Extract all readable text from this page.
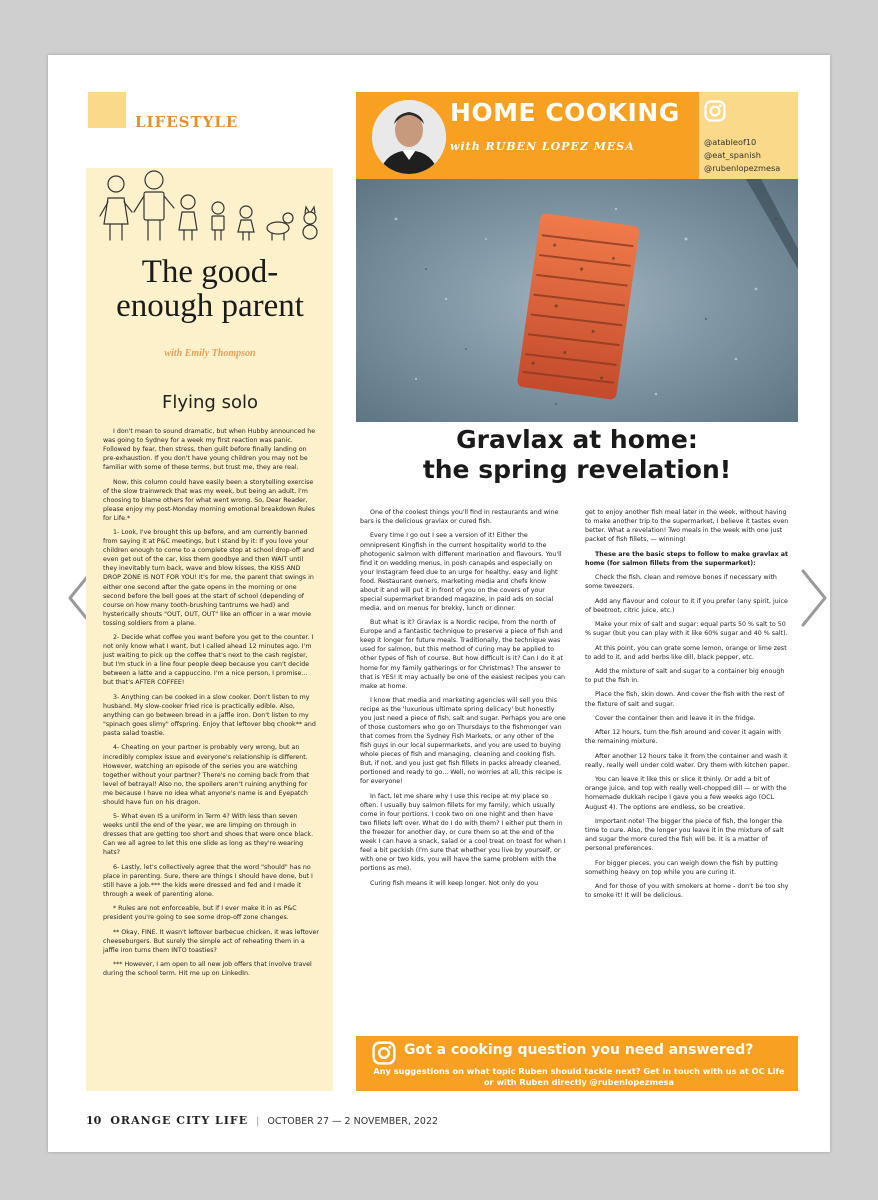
LIFESTYLE
The good-
enough parent
with Emily Thompson
Flying solo

I don't mean to sound dramatic, but when Hubby announced he was going to Sydney for a week my first reaction was panic. Followed by fear, then stress, then guilt before finally landing on pre-exhaustion. If you don't have young children you may not be familiar with some of these terms, but trust me, they are real.

Now, this column could have easily been a storytelling exercise of the slow trainwreck that was my week, but being an adult, I'm choosing to blame others for what went wrong. So, Dear Reader, please enjoy my post-Monday morning emotional breakdown Rules for Life.*

1- Look, I've brought this up before, and am currently banned from saying it at P&C meetings, but I stand by it: If you love your children enough to come to a complete stop at school drop-off and even get out of the car, kiss them goodbye and then WAIT until they inevitably turn back, wave and blow kisses, the KISS AND DROP ZONE IS NOT FOR YOU! It's for me, the parent that swings in either one second after the gate opens in the morning or one second before the bell goes at the start of school (depending of course on how many tooth-brushing tantrums we had) and hysterically shouts "OUT, OUT, OUT" like an officer in a war movie tossing soldiers from a plane.

2- Decide what coffee you want before you get to the counter. I not only know what I want, but I called ahead 12 minutes ago. I'm just waiting to pick up the coffee that's next to the cash register, but I'm stuck in a line four people deep because you can't decide between a latte and a cappuccino. I'm a nice person, I promise... but that's AFTER COFFEE!

3- Anything can be cooked in a slow cooker. Don't listen to my husband. My slow-cooker fried rice is practically edible. Also, anything can go between bread in a jaffle iron. Don't listen to my "spinach goes slimy" offspring. Enjoy that leftover bbq chook** and pasta salad toastie.

4- Cheating on your partner is probably very wrong, but an incredibly complex issue and everyone's relationship is different. However, watching an episode of the series you are watching together without your partner? There's no coming back from that level of betrayal! Also no, the spoilers aren't ruining anything for me because I have no idea what anyone's name is and Eyepatch should have fun on his dragon.

5- What even IS a uniform in Term 4? With less than seven weeks until the end of the year, we are limping on through in dresses that are getting too short and shoes that were once black. Can we all agree to let this one slide as long as they're wearing hats?

6- Lastly, let's collectively agree that the word "should" has no place in parenting. Sure, there are things I should have done, but I still have a job.*** the kids were dressed and fed and I made it through a week of parenting alone.

* Rules are not enforceable, but if I ever make it in as P&C president you're going to see some drop-off zone changes.

** Okay, FINE. It wasn't leftover barbecue chicken, it was leftover cheeseburgers. But surely the simple act of reheating them in a jaffle iron turns them INTO toasties?

*** However, I am open to all new job offers that involve travel during the school term. Hit me up on LinkedIn.

HOME COOKING
with RUBEN LOPEZ MESA	@atableof10
@eat_spanish
@rubenlopezmesa
Gravlax at home:
the spring revelation!

One of the coolest things you'll find in restaurants and wine bars is the delicious gravlax or cured fish.

Every time I go out I see a version of it! Either the omnipresent Kingfish in the current hospitality world to the photogenic salmon with different marination and flavours. You'll find it on wedding menus, in posh canapés and especially on your Instagram feed due to an urge for healthy, easy and light food. Restaurant owners, marketing media and chefs know about it and will put it in front of you on the covers of your special supermarket branded magazine, in paid ads on social media, and on menus for brekky, lunch or dinner.

But what is it? Gravlax is a Nordic recipe, from the north of Europe and a fantastic technique to preserve a piece of fish and keep it longer for future meals. Traditionally, the technique was used for salmon, but this method of curing may be applied to other types of fish of course. But how difficult is it? Can I do it at home for my family gatherings or for Christmas? The answer to that is YES! It may actually be one of the easiest recipes you can make at home.

I know that media and marketing agencies will sell you this recipe as the 'luxurious ultimate spring delicacy' but honestly you just need a piece of fish, salt and sugar. Perhaps you are one of those customers who go on Thursdays to the fishmonger van that comes from the Sydney Fish Markets, or any other of the fish guys in our local supermarkets, and you are used to buying whole pieces of fish and managing, cleaning and cooking fish. But, if not, and you just get fish fillets in packs already cleaned, portioned and ready to go... Well, no worries at all, this recipe is for everyone!

In fact, let me share why I use this recipe at my place so often. I usually buy salmon fillets for my family, which usually come in four portions. I cook two on one night and then have two fillets left over. What do I do with them? I either put them in the freezer for another day, or cure them so at the end of the week I can have a snack, salad or a cool treat on toast for when I feel a bit peckish (I'm sure that whether you live by yourself, or with one or two kids, you will have the same problem with the portions as me).

Curing fish means it will keep longer. Not only do you

get to enjoy another fish meal later in the week, without having to make another trip to the supermarket, I believe it tastes even better. What a revelation! Two meals in the week with one just packet of fish fillets, — winning!

These are the basic steps to follow to make gravlax at home (for salmon fillets from the supermarket):

Check the fish, clean and remove bones if necessary with some tweezers.

Add any flavour and colour to it if you prefer (any spirit, juice of beetroot, citric juice, etc.)

Make your mix of salt and sugar: equal parts 50 % salt to 50 % sugar (but you can play with it like 60% sugar and 40 % salt).

At this point, you can grate some lemon, orange or lime zest to add to it, and add herbs like dill, black pepper, etc.

Add the mixture of salt and sugar to a container big enough to put the fish in.

Place the fish, skin down. And cover the fish with the rest of the fixture of salt and sugar.

Cover the container then and leave it in the fridge.

After 12 hours, turn the fish around and cover it again with the remaining mixture.

After another 12 hours take it from the container and wash it really, really well under cold water. Dry them with kitchen paper.

You can leave it like this or slice it thinly. Or add a bit of orange juice, and top with really well-chopped dill — or with the homemade dukkah recipe I gave you a few weeks ago (OCL August 4). The options are endless, so be creative.

Important note! The bigger the piece of fish, the longer the time to cure. Also, the longer you leave it in the mixture of salt and sugar the more cured the fish will be. It is a matter of personal preferences.

For bigger pieces, you can weigh down the fish by putting something heavy on top while you are curing it.

And for those of you with smokers at home - don't be too shy to smoke it! It will be delicious.

Got a cooking question you need answered?
Any suggestions on what topic Ruben should tackle next? Get in touch with us at OC Life or with Ruben directly @rubenlopezmesa
10 ORANGE CITY LIFE | OCTOBER 27 — 2 NOVEMBER, 2022
